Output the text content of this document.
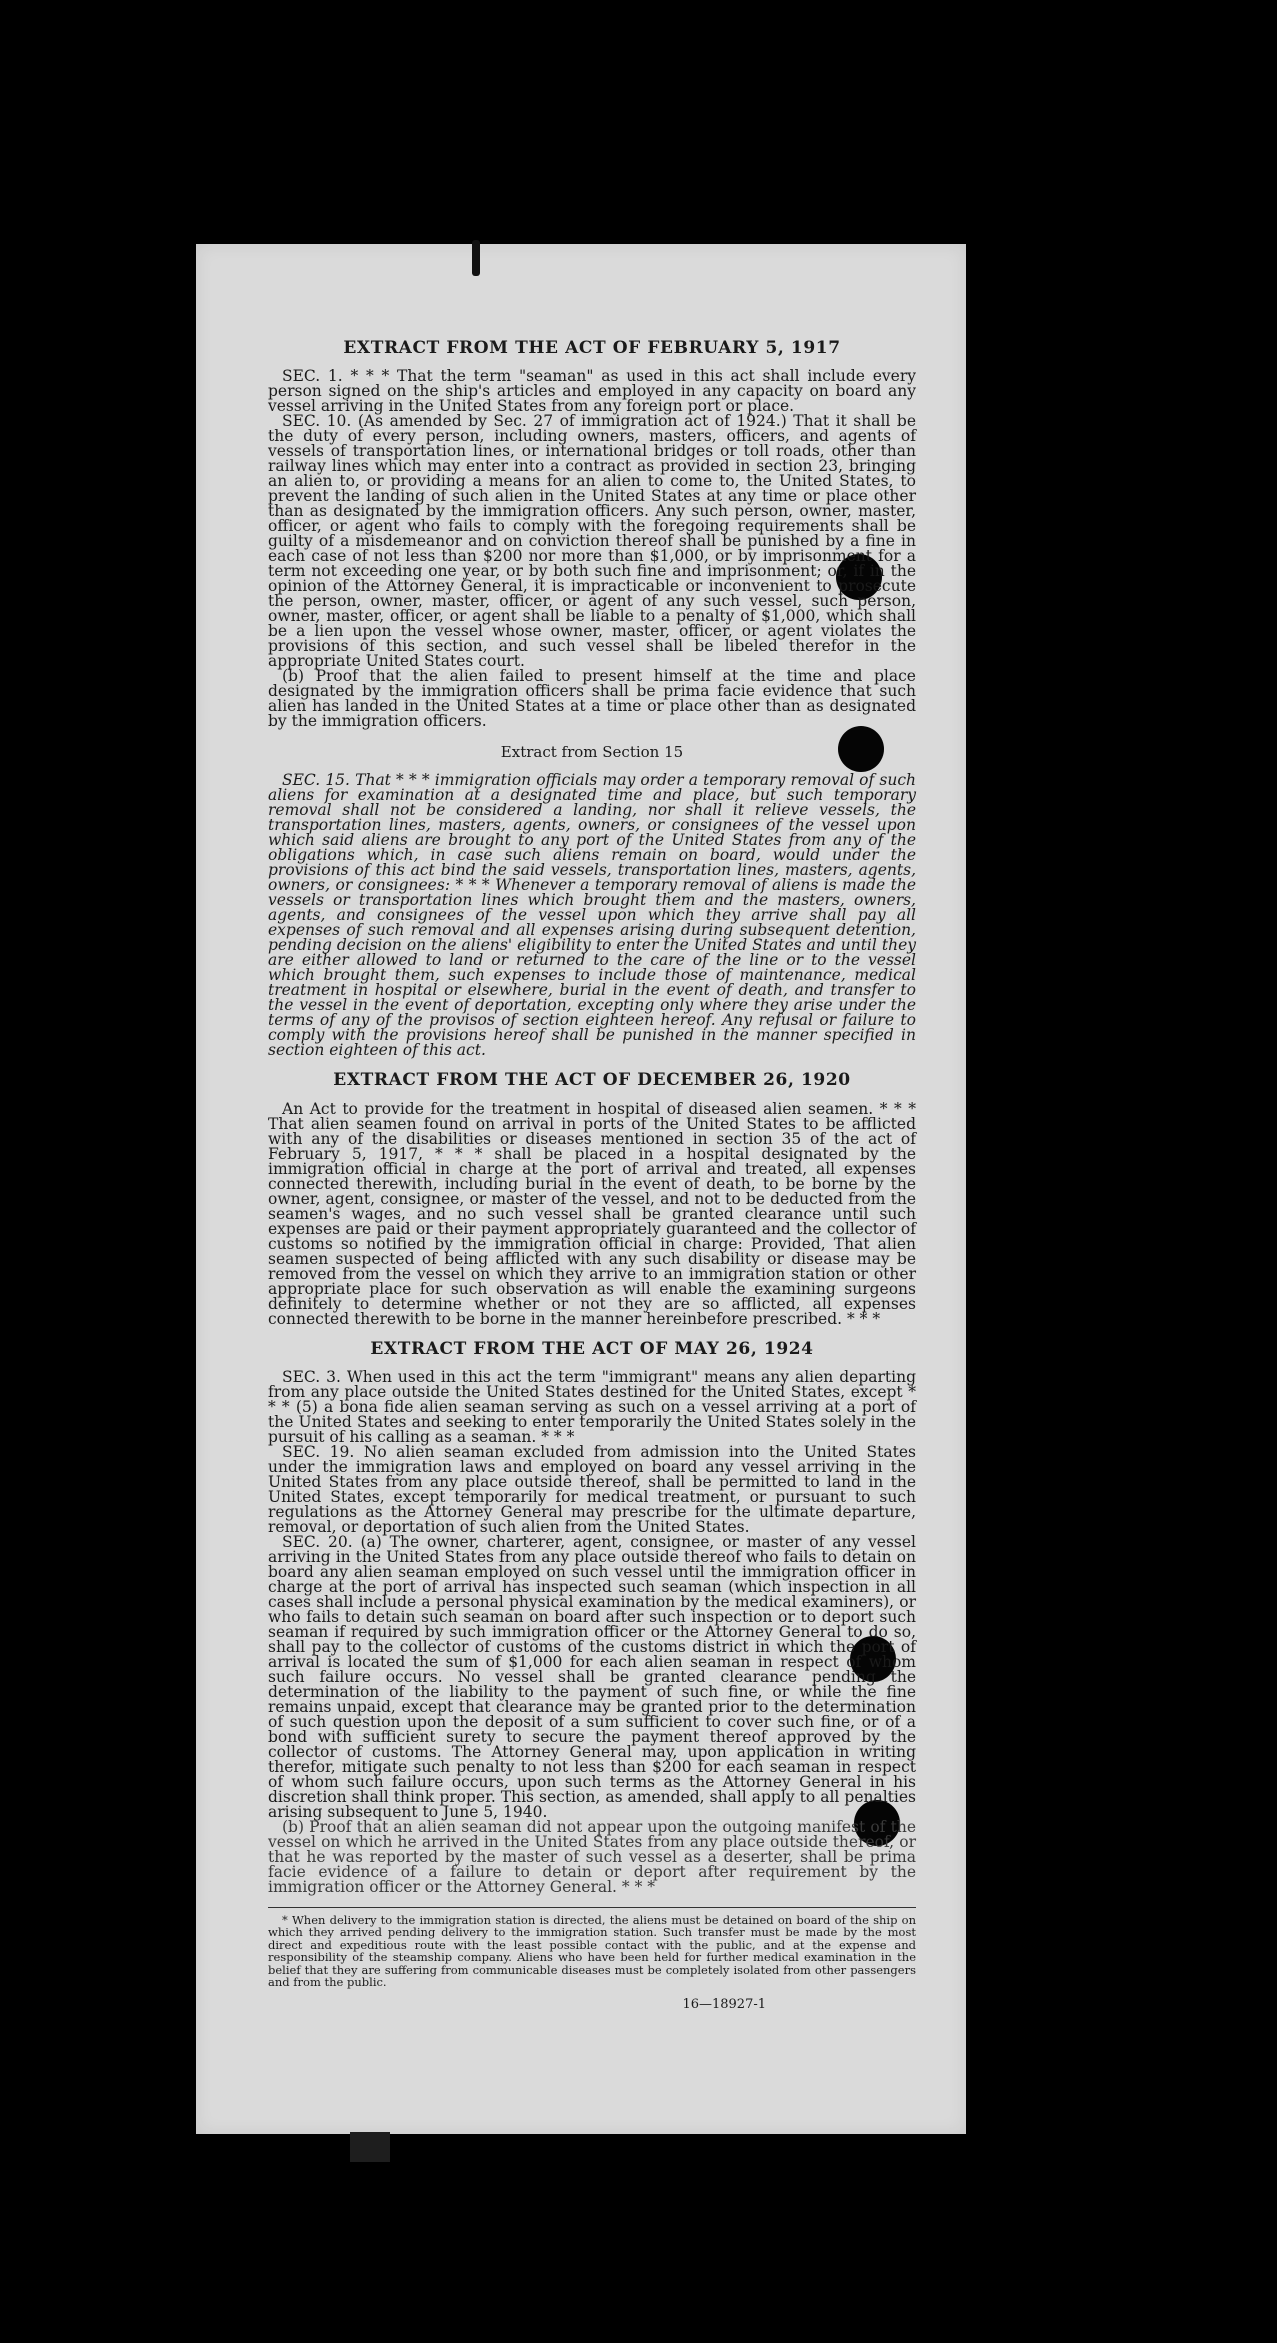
EXTRACT FROM THE ACT OF FEBRUARY 5, 1917

SEC. 1. * * * That the term "seaman" as used in this act shall include every person signed on the ship's articles and employed in any capacity on board any vessel arriving in the United States from any foreign port or place.

SEC. 10. (As amended by Sec. 27 of immigration act of 1924.) That it shall be the duty of every person, including owners, masters, officers, and agents of vessels of transportation lines, or international bridges or toll roads, other than railway lines which may enter into a contract as provided in section 23, bringing an alien to, or providing a means for an alien to come to, the United States, to prevent the landing of such alien in the United States at any time or place other than as designated by the immigration officers. Any such person, owner, master, officer, or agent who fails to comply with the foregoing requirements shall be guilty of a misdemeanor and on conviction thereof shall be punished by a fine in each case of not less than $200 nor more than $1,000, or by imprisonment for a term not exceeding one year, or by both such fine and imprisonment; or, if in the opinion of the Attorney General, it is impracticable or inconvenient to prosecute the person, owner, master, officer, or agent of any such vessel, such person, owner, master, officer, or agent shall be liable to a penalty of $1,000, which shall be a lien upon the vessel whose owner, master, officer, or agent violates the provisions of this section, and such vessel shall be libeled therefor in the appropriate United States court.

(b) Proof that the alien failed to present himself at the time and place designated by the immigration officers shall be prima facie evidence that such alien has landed in the United States at a time or place other than as designated by the immigration officers.

Extract from Section 15

SEC. 15. That * * * immigration officials may order a temporary removal of such aliens for examination at a designated time and place, but such temporary removal shall not be considered a landing, nor shall it relieve vessels, the transportation lines, masters, agents, owners, or consignees of the vessel upon which said aliens are brought to any port of the United States from any of the obligations which, in case such aliens remain on board, would under the provisions of this act bind the said vessels, transportation lines, masters, agents, owners, or consignees: * * * Whenever a temporary removal of aliens is made the vessels or transportation lines which brought them and the masters, owners, agents, and consignees of the vessel upon which they arrive shall pay all expenses of such removal and all expenses arising during subsequent detention, pending decision on the aliens' eligibility to enter the United States and until they are either allowed to land or returned to the care of the line or to the vessel which brought them, such expenses to include those of maintenance, medical treatment in hospital or elsewhere, burial in the event of death, and transfer to the vessel in the event of deportation, excepting only where they arise under the terms of any of the provisos of section eighteen hereof. Any refusal or failure to comply with the provisions hereof shall be punished in the manner specified in section eighteen of this act.

EXTRACT FROM THE ACT OF DECEMBER 26, 1920

An Act to provide for the treatment in hospital of diseased alien seamen. * * * That alien seamen found on arrival in ports of the United States to be afflicted with any of the disabilities or diseases mentioned in section 35 of the act of February 5, 1917, * * * shall be placed in a hospital designated by the immigration official in charge at the port of arrival and treated, all expenses connected therewith, including burial in the event of death, to be borne by the owner, agent, consignee, or master of the vessel, and not to be deducted from the seamen's wages, and no such vessel shall be granted clearance until such expenses are paid or their payment appropriately guaranteed and the collector of customs so notified by the immigration official in charge: Provided, That alien seamen suspected of being afflicted with any such disability or disease may be removed from the vessel on which they arrive to an immigration station or other appropriate place for such observation as will enable the examining surgeons definitely to determine whether or not they are so afflicted, all expenses connected therewith to be borne in the manner hereinbefore prescribed. * * *

EXTRACT FROM THE ACT OF MAY 26, 1924

SEC. 3. When used in this act the term "immigrant" means any alien departing from any place outside the United States destined for the United States, except * * * (5) a bona fide alien seaman serving as such on a vessel arriving at a port of the United States and seeking to enter temporarily the United States solely in the pursuit of his calling as a seaman. * * *

SEC. 19. No alien seaman excluded from admission into the United States under the immigration laws and employed on board any vessel arriving in the United States from any place outside thereof, shall be permitted to land in the United States, except temporarily for medical treatment, or pursuant to such regulations as the Attorney General may prescribe for the ultimate departure, removal, or deportation of such alien from the United States.

SEC. 20. (a) The owner, charterer, agent, consignee, or master of any vessel arriving in the United States from any place outside thereof who fails to detain on board any alien seaman employed on such vessel until the immigration officer in charge at the port of arrival has inspected such seaman (which inspection in all cases shall include a personal physical examination by the medical examiners), or who fails to detain such seaman on board after such inspection or to deport such seaman if required by such immigration officer or the Attorney General to do so, shall pay to the collector of customs of the customs district in which the port of arrival is located the sum of $1,000 for each alien seaman in respect of whom such failure occurs. No vessel shall be granted clearance pending the determination of the liability to the payment of such fine, or while the fine remains unpaid, except that clearance may be granted prior to the determination of such question upon the deposit of a sum sufficient to cover such fine, or of a bond with sufficient surety to secure the payment thereof approved by the collector of customs. The Attorney General may, upon application in writing therefor, mitigate such penalty to not less than $200 for each seaman in respect of whom such failure occurs, upon such terms as the Attorney General in his discretion shall think proper. This section, as amended, shall apply to all penalties arising subsequent to June 5, 1940.

(b) Proof that an alien seaman did not appear upon the outgoing manifest of the vessel on which he arrived in the United States from any place outside thereof, or that he was reported by the master of such vessel as a deserter, shall be prima facie evidence of a failure to detain or deport after requirement by the immigration officer or the Attorney General. * * *

* When delivery to the immigration station is directed, the aliens must be detained on board of the ship on which they arrived pending delivery to the immigration station. Such transfer must be made by the most direct and expeditious route with the least possible contact with the public, and at the expense and responsibility of the steamship company. Aliens who have been held for further medical examination in the belief that they are suffering from communicable diseases must be completely isolated from other passengers and from the public.

16—18927-1
